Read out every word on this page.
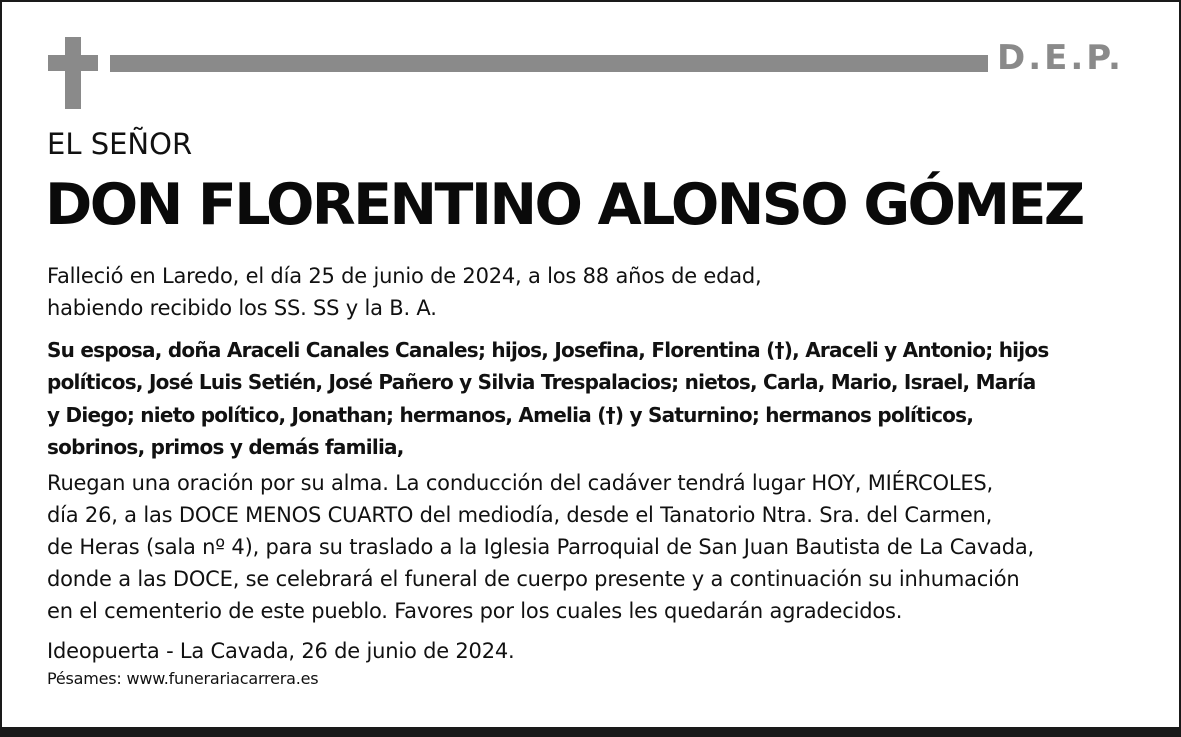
D.E.P.
EL SEÑOR
DON FLORENTINO ALONSO GÓMEZ

Falleció en Laredo, el día 25 de junio de 2024, a los 88 años de edad,
habiendo recibido los SS. SS y la B. A.

Su esposa, doña Araceli Canales Canales; hijos, Josefina, Florentina (†), Araceli y Antonio; hijos
políticos, José Luis Setién, José Pañero y Silvia Trespalacios; nietos, Carla, Mario, Israel, María
y Diego; nieto político, Jonathan; hermanos, Amelia (†) y Saturnino; hermanos políticos,
sobrinos, primos y demás familia,

Ruegan una oración por su alma. La conducción del cadáver tendrá lugar HOY, MIÉRCOLES,
día 26, a las DOCE MENOS CUARTO del mediodía, desde el Tanatorio Ntra. Sra. del Carmen,
de Heras (sala nº 4), para su traslado a la Iglesia Parroquial de San Juan Bautista de La Cavada,
donde a las DOCE, se celebrará el funeral de cuerpo presente y a continuación su inhumación
en el cementerio de este pueblo. Favores por los cuales les quedarán agradecidos.

Ideopuerta - La Cavada, 26 de junio de 2024.

Pésames: www.funerariacarrera.es
